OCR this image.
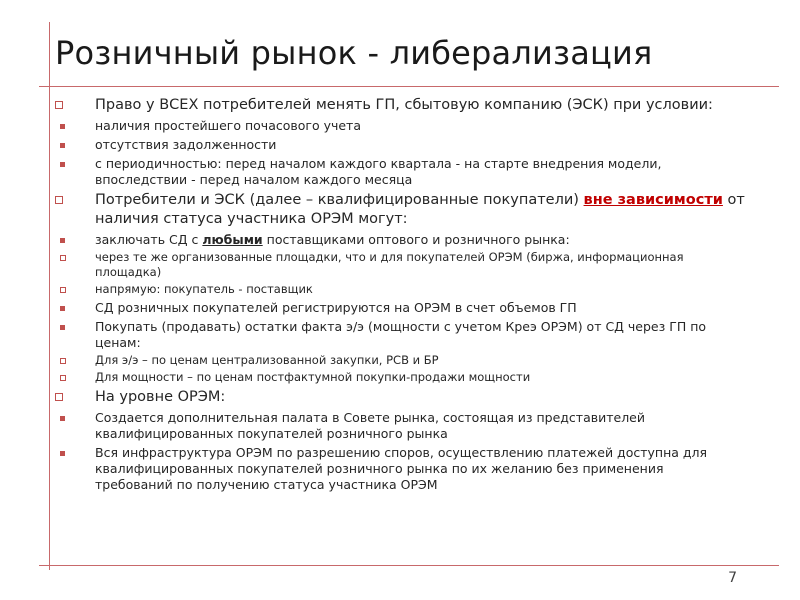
Розничный рынок - либерализация
Право у ВСЕХ потребителей менять ГП, сбытовую компанию (ЭСК) при условии:
наличия простейшего почасового учета
отсутствия задолженности
с периодичностью: перед началом каждого квартала - на старте внедрения модели, впоследствии - перед началом каждого месяца
Потребители и ЭСК (далее – квалифицированные покупатели) вне зависимости от наличия статуса участника ОРЭМ могут:
заключать СД с любыми поставщиками оптового и розничного рынка:
через те же организованные площадки, что и для покупателей ОРЭМ (биржа, информационная площадка)
напрямую: покупатель - поставщик
СД розничных покупателей регистрируются на ОРЭМ в счет объемов ГП
Покупать (продавать) остатки факта э/э (мощности с учетом Креэ ОРЭМ) от СД через ГП по ценам:
Для э/э – по ценам централизованной закупки, РСВ и БР
Для мощности – по ценам постфактумной покупки-продажи мощности
На уровне ОРЭМ:
Создается дополнительная палата в Совете рынка, состоящая из представителей квалифицированных покупателей розничного рынка
Вся инфраструктура ОРЭМ по разрешению споров, осуществлению платежей доступна для квалифицированных покупателей розничного рынка по их желанию без применения требований по получению статуса участника ОРЭМ
7
